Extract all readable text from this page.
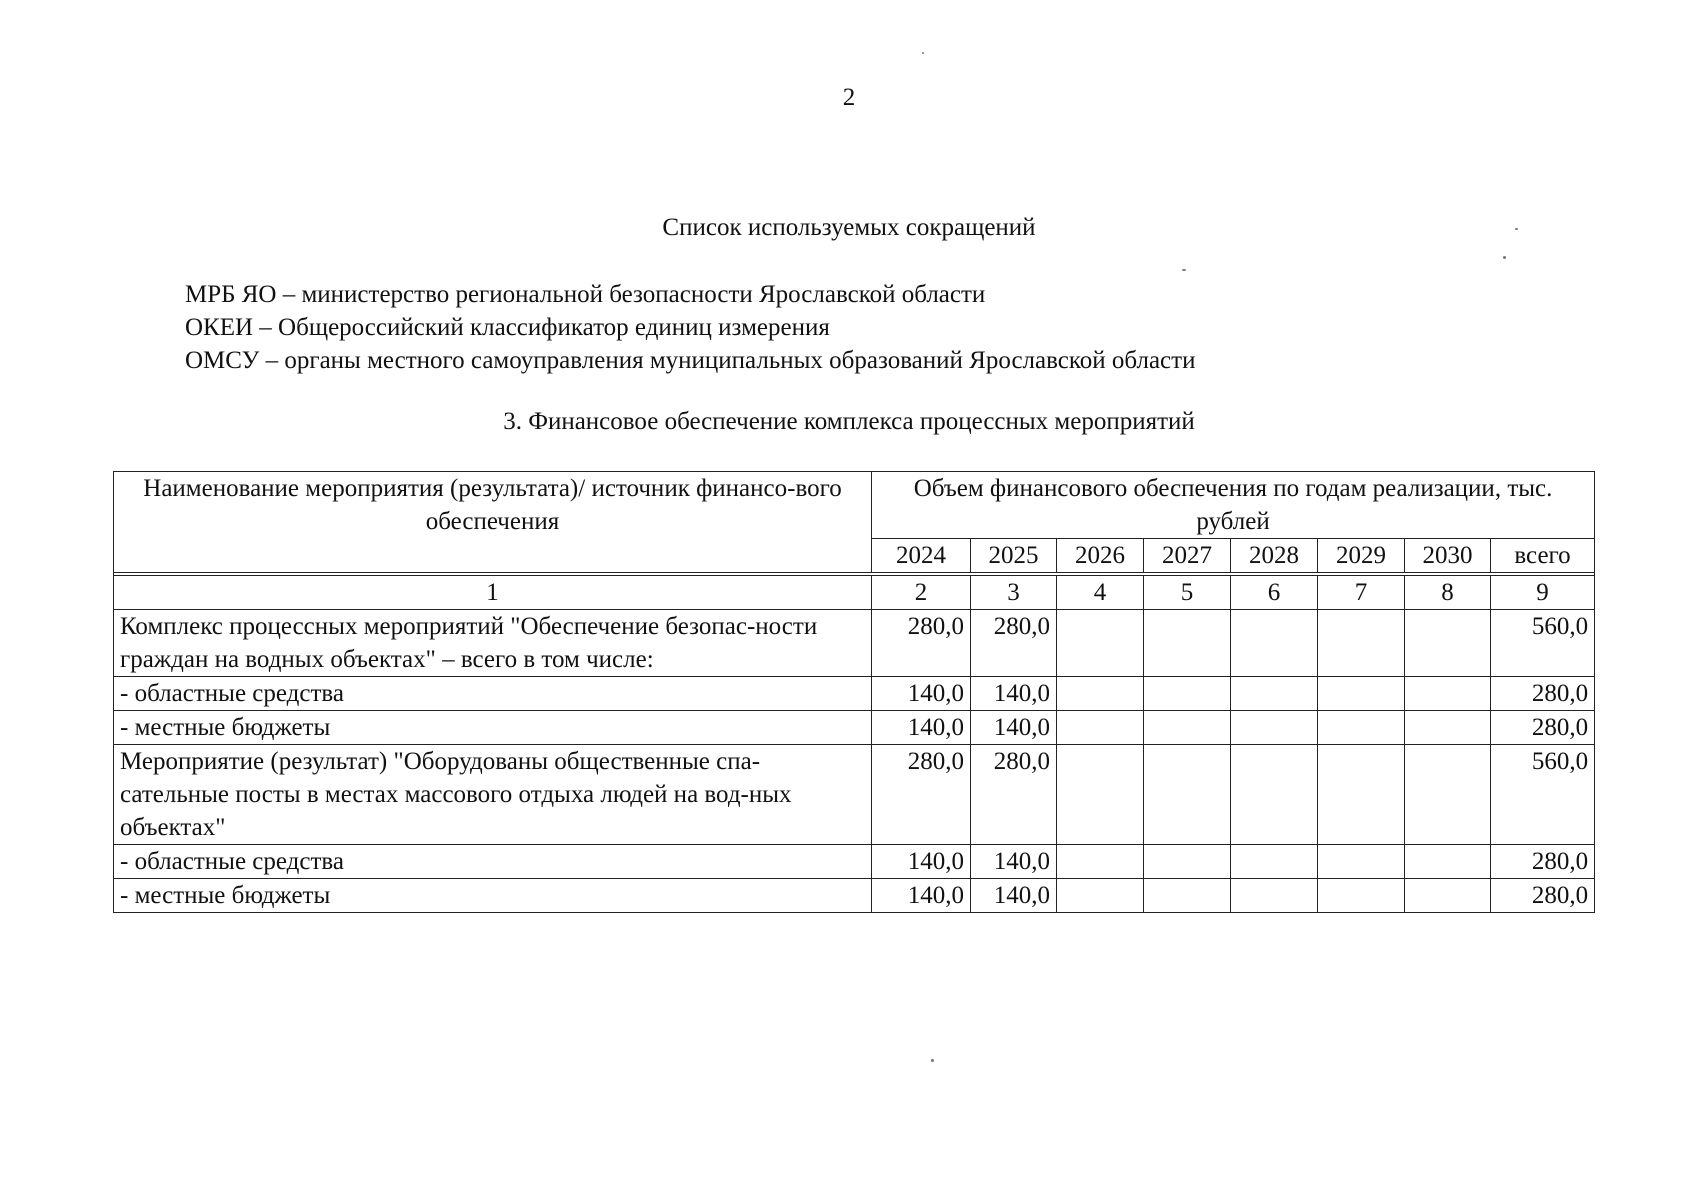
2
Список используемых сокращений
МРБ ЯО – министерство региональной безопасности Ярославской области
ОКЕИ – Общероссийский классификатор единиц измерения
ОМСУ – органы местного самоуправления муниципальных образований Ярославской области
3. Финансовое обеспечение комплекса процессных мероприятий
Наименование мероприятия (результата)/ источник финансо-вого обеспечения	Объем финансового обеспечения по годам реализации, тыс. рублей							
	2024	2025	2026	2027	2028	2029	2030	всего

1	2	3	4	5	6	7	8	9
Комплекс процессных мероприятий "Обеспечение безопас-ности граждан на водных объектах" – всего в том числе:	280,0	280,0						560,0
- областные средства	140,0	140,0						280,0
- местные бюджеты	140,0	140,0						280,0
Мероприятие (результат) "Оборудованы общественные спа-сательные посты в местах массового отдыха людей на вод-ных объектах"	280,0	280,0						560,0
- областные средства	140,0	140,0						280,0
- местные бюджеты	140,0	140,0						280,0
